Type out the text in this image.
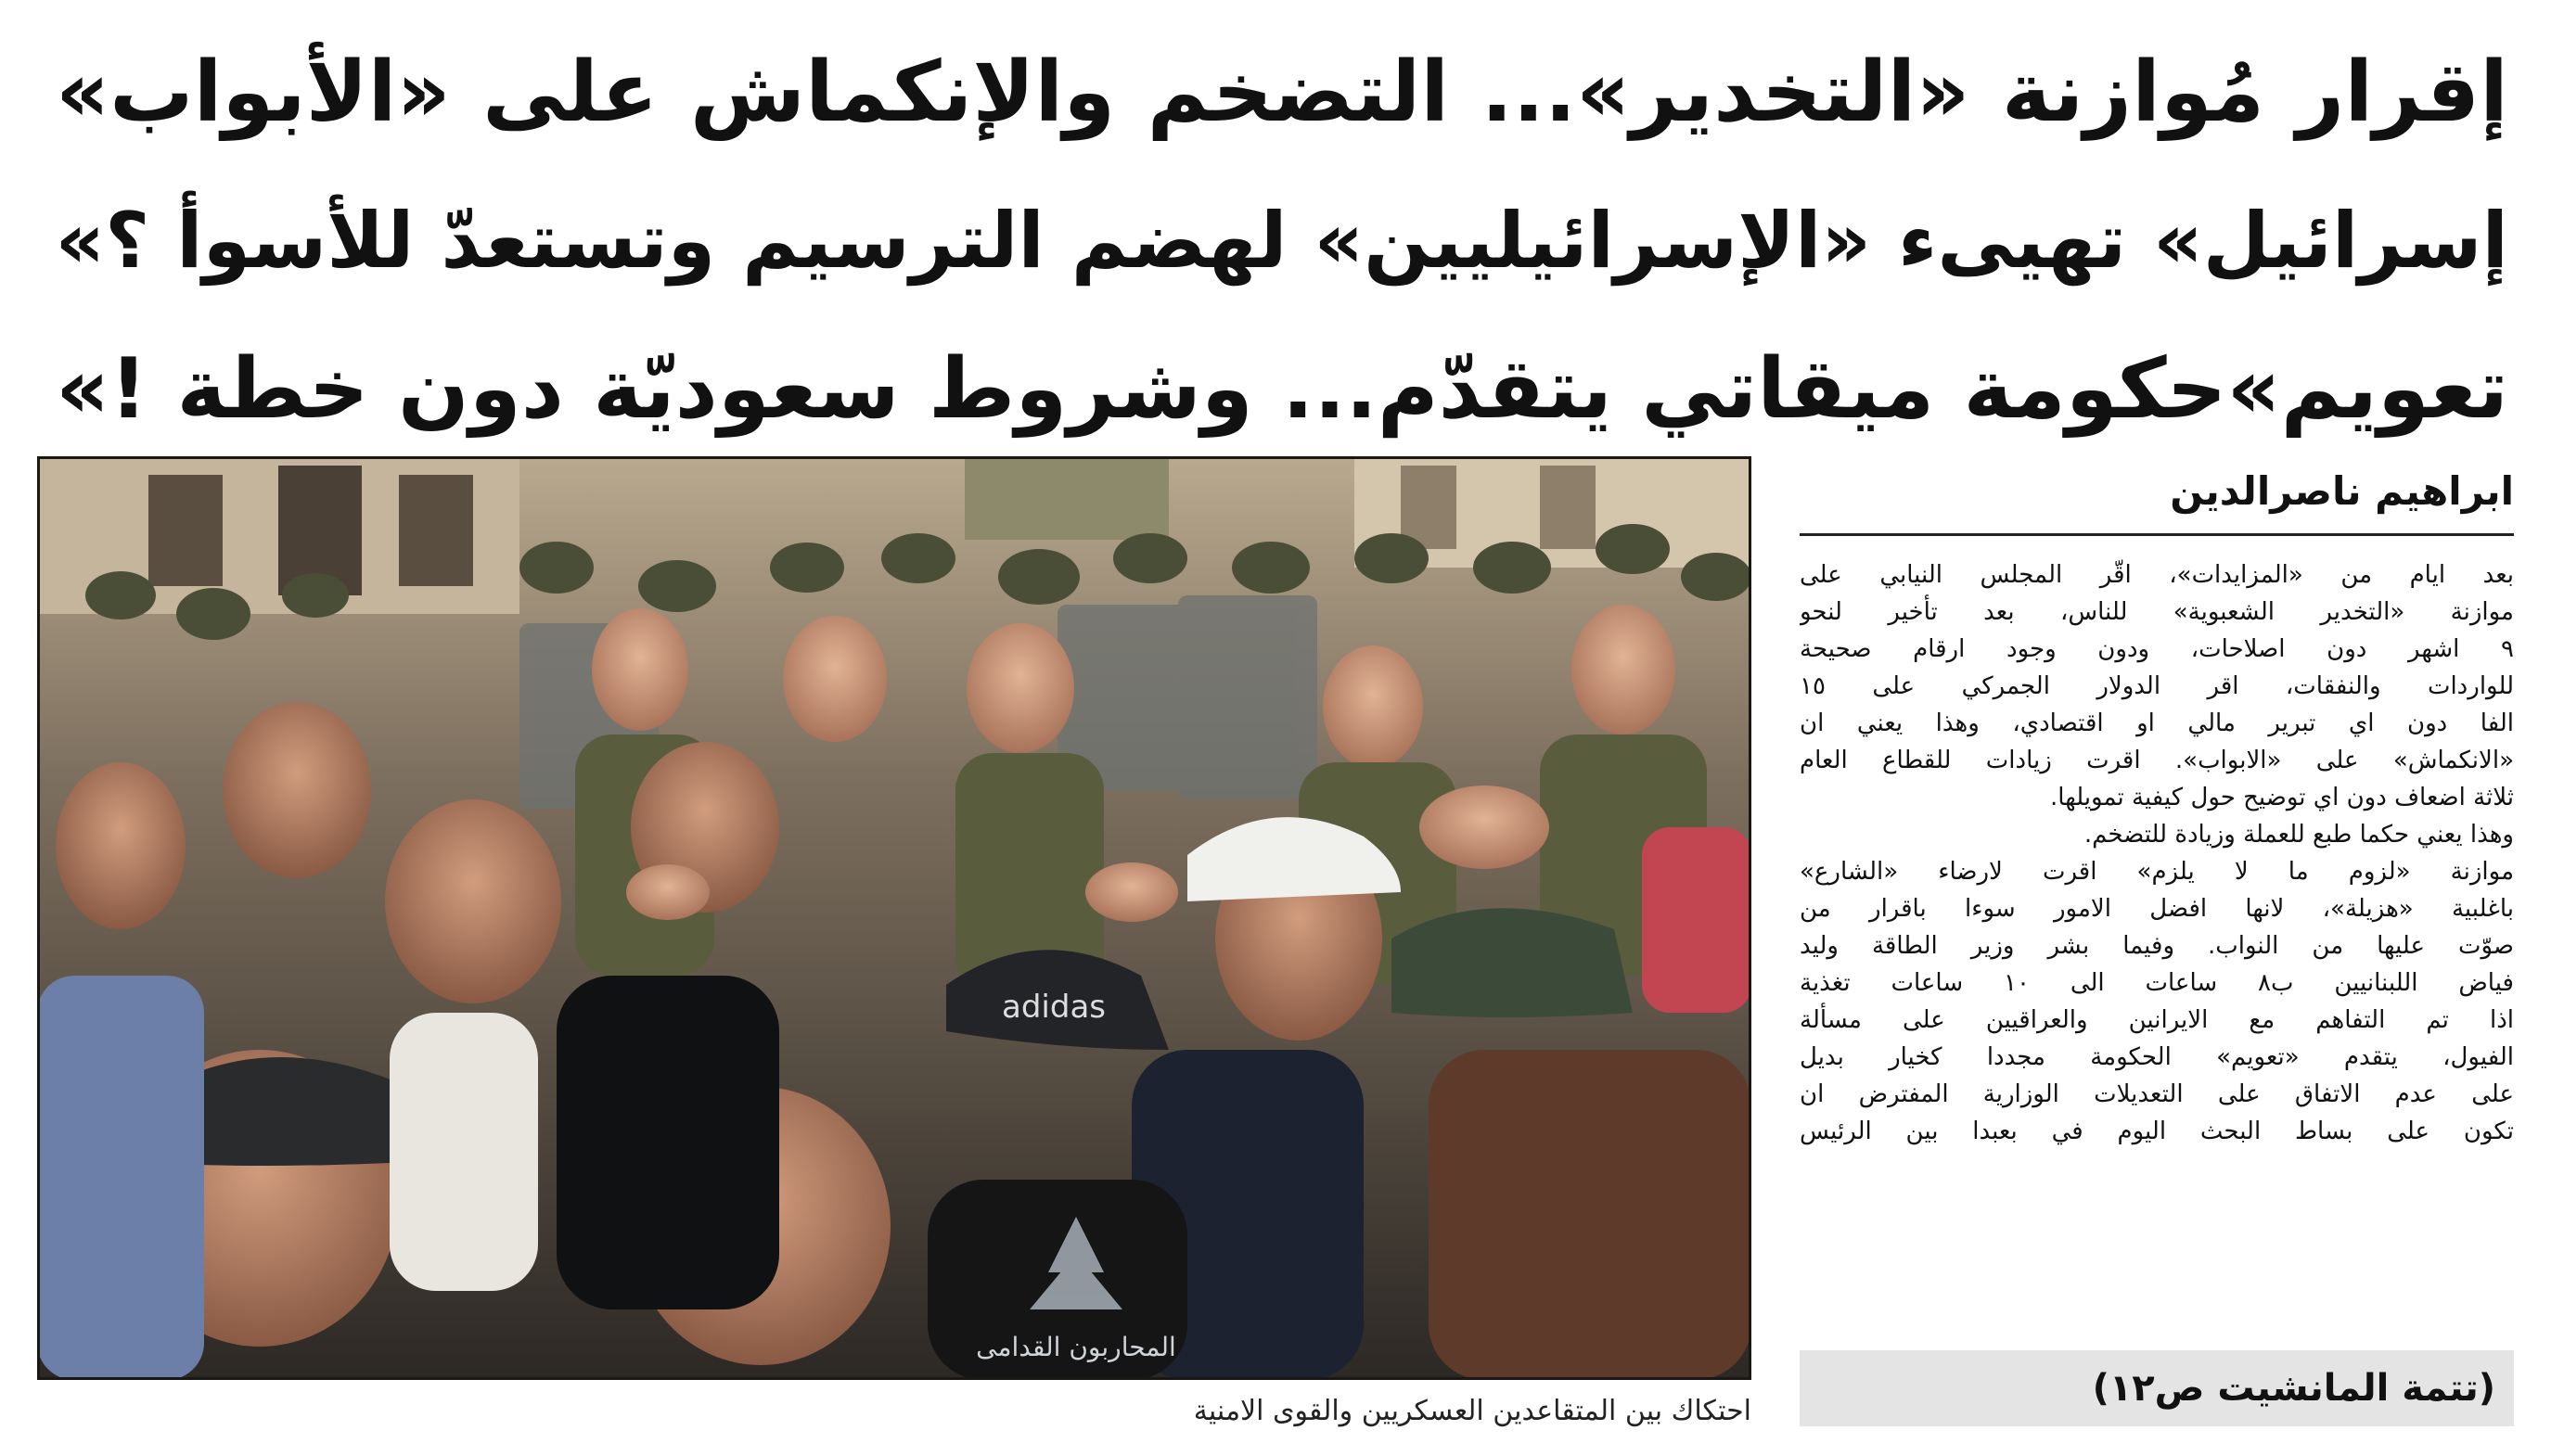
إقرار مُوازنة «التخدير»... التضخم والإنكماش على «الأبواب»
إسرائيل» تهيىء «الإسرائيليين» لهضم الترسيم وتستعدّ للأسوأ ؟»
تعويم»حكومة ميقاتي يتقدّم... وشروط سعوديّة دون خطة !»
adidas
المحاربون القدامى
احتكاك بين المتقاعدين العسكريين والقوى الامنية
ابراهيم ناصرالدين
بعد ايام من «المزايدات»، اقّر المجلس النيابي على
موازنة «التخدير الشعبوية» للناس، بعد تأخير لنحو
٩ اشهر دون اصلاحات، ودون وجود ارقام صحيحة
للواردات والنفقات، اقر الدولار الجمركي على ١٥
الفا دون اي تبرير مالي او اقتصادي، وهذا يعني ان
«الانكماش» على «الابواب». اقرت زيادات للقطاع العام
ثلاثة اضعاف دون اي توضيح حول كيفية تمويلها.
وهذا يعني حكما طبع للعملة وزيادة للتضخم.
موازنة «لزوم ما لا يلزم» اقرت لارضاء «الشارع»
باغلبية «هزيلة»، لانها افضل الامور سوءا باقرار من
صوّت عليها من النواب. وفيما بشر وزير الطاقة وليد
فياض اللبنانيين ب٨ ساعات الى ١٠ ساعات تغذية
اذا تم التفاهم مع الايرانين والعراقيين على مسألة
الفيول، يتقدم «تعويم» الحكومة مجددا كخيار بديل
على عدم الاتفاق على التعديلات الوزارية المفترض ان
تكون على بساط البحث اليوم في بعبدا بين الرئيس
(تتمة المانشيت ص١٢)
